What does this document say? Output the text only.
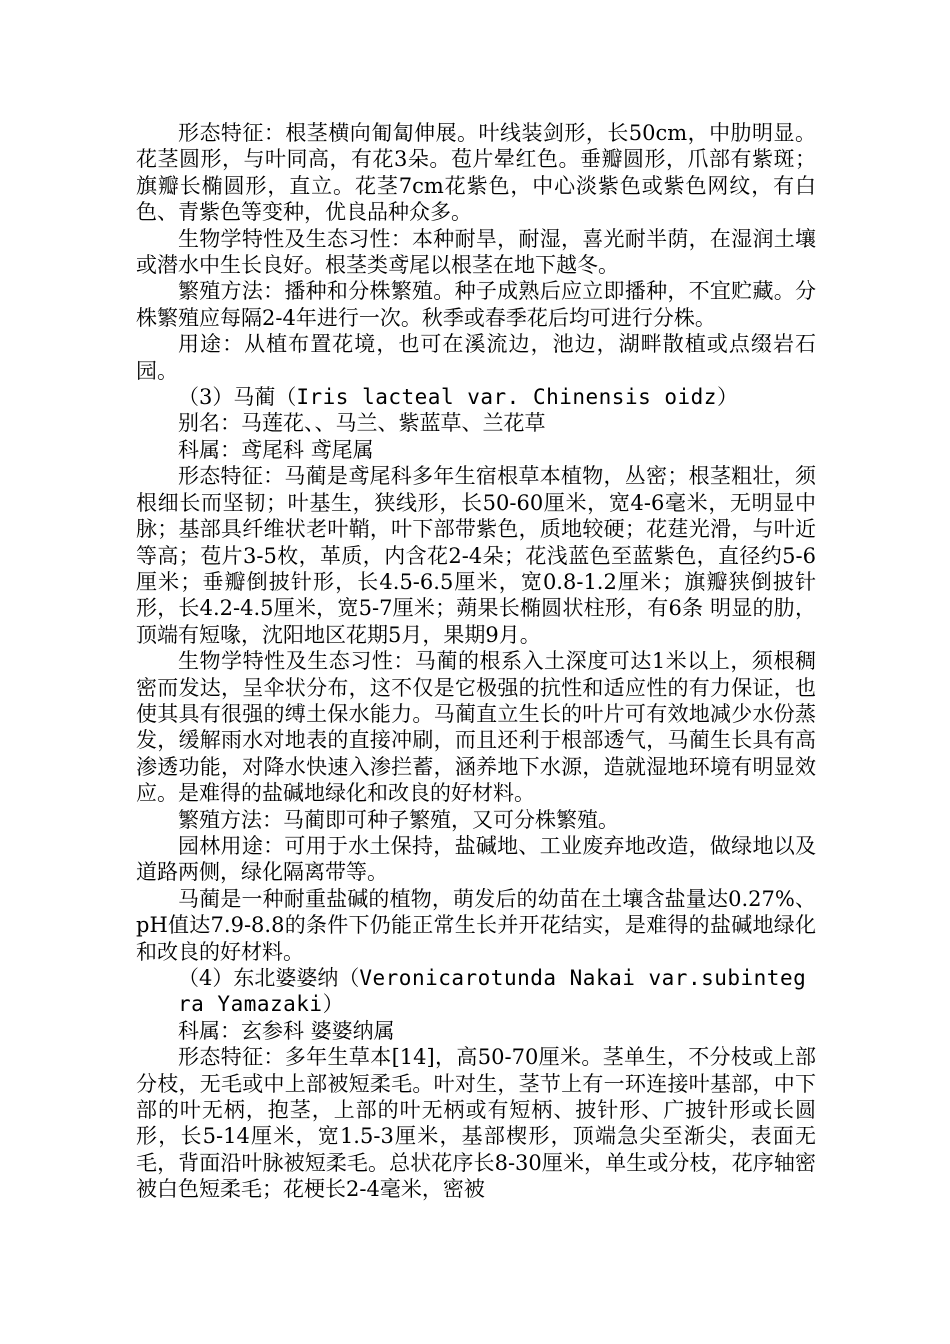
形态特征：根茎横向匍匐伸展。叶线装剑形，长50cm，中肋明显。花茎圆形，与叶同高，有花3朵。苞片晕红色。垂瓣圆形，爪部有紫斑；旗瓣长椭圆形，直立。花茎7cm花紫色，中心淡紫色或紫色网纹，有白色、青紫色等变种，优良品种众多。

生物学特性及生态习性：本种耐旱，耐湿，喜光耐半荫，在湿润土壤或潜水中生长良好。根茎类鸢尾以根茎在地下越冬。

繁殖方法：播种和分株繁殖。种子成熟后应立即播种，不宜贮藏。分株繁殖应每隔2-4年进行一次。秋季或春季花后均可进行分株。

用途：从植布置花境，也可在溪流边，池边，湖畔散植或点缀岩石园。

（3）马蔺（Iris lacteal var. Chinensis oidz）

别名：马莲花、、马兰、紫蓝草、兰花草

科属：鸢尾科 鸢尾属

形态特征：马蔺是鸢尾科多年生宿根草本植物，丛密；根茎粗壮，须根细长而坚韧；叶基生，狭线形，长50-60厘米，宽4-6毫米，无明显中脉；基部具纤维状老叶鞘，叶下部带紫色，质地较硬；花莛光滑，与叶近等高；苞片3-5枚，革质，内含花2-4朵；花浅蓝色至蓝紫色，直径约5-6厘米；垂瓣倒披针形，长4.5-6.5厘米，宽0.8-1.2厘米；旗瓣狭倒披针形，长4.2-4.5厘米，宽5-7厘米；蒴果长椭圆状柱形，有6条 明显的肋，顶端有短喙，沈阳地区花期5月，果期9月。

生物学特性及生态习性：马蔺的根系入土深度可达1米以上，须根稠密而发达，呈伞状分布，这不仅是它极强的抗性和适应性的有力保证，也使其具有很强的缚土保水能力。马蔺直立生长的叶片可有效地减少水份蒸发，缓解雨水对地表的直接冲刷，而且还利于根部透气，马蔺生长具有高渗透功能，对降水快速入渗拦蓄，涵养地下水源，造就湿地环境有明显效应。是难得的盐碱地绿化和改良的好材料。

繁殖方法：马蔺即可种子繁殖，又可分株繁殖。

园林用途：可用于水土保持，盐碱地、工业废弃地改造，做绿地以及道路两侧，绿化隔离带等。

马蔺是一种耐重盐碱的植物，萌发后的幼苗在土壤含盐量达0.27%、pH值达7.9-8.8的条件下仍能正常生长并开花结实，是难得的盐碱地绿化和改良的好材料。

（4）东北婆婆纳（Veronicarotunda Nakai var.subintegra Yamazaki）

科属：玄参科 婆婆纳属

形态特征：多年生草本[14]，高50-70厘米。茎单生，不分枝或上部分枝，无毛或中上部被短柔毛。叶对生，茎节上有一环连接叶基部，中下部的叶无柄，抱茎，上部的叶无柄或有短柄、披针形、广披针形或长圆形，长5-14厘米，宽1.5-3厘米，基部楔形，顶端急尖至渐尖，表面无毛，背面沿叶脉被短柔毛。总状花序长8-30厘米，单生或分枝，花序轴密被白色短柔毛；花梗长2-4毫米，密被
